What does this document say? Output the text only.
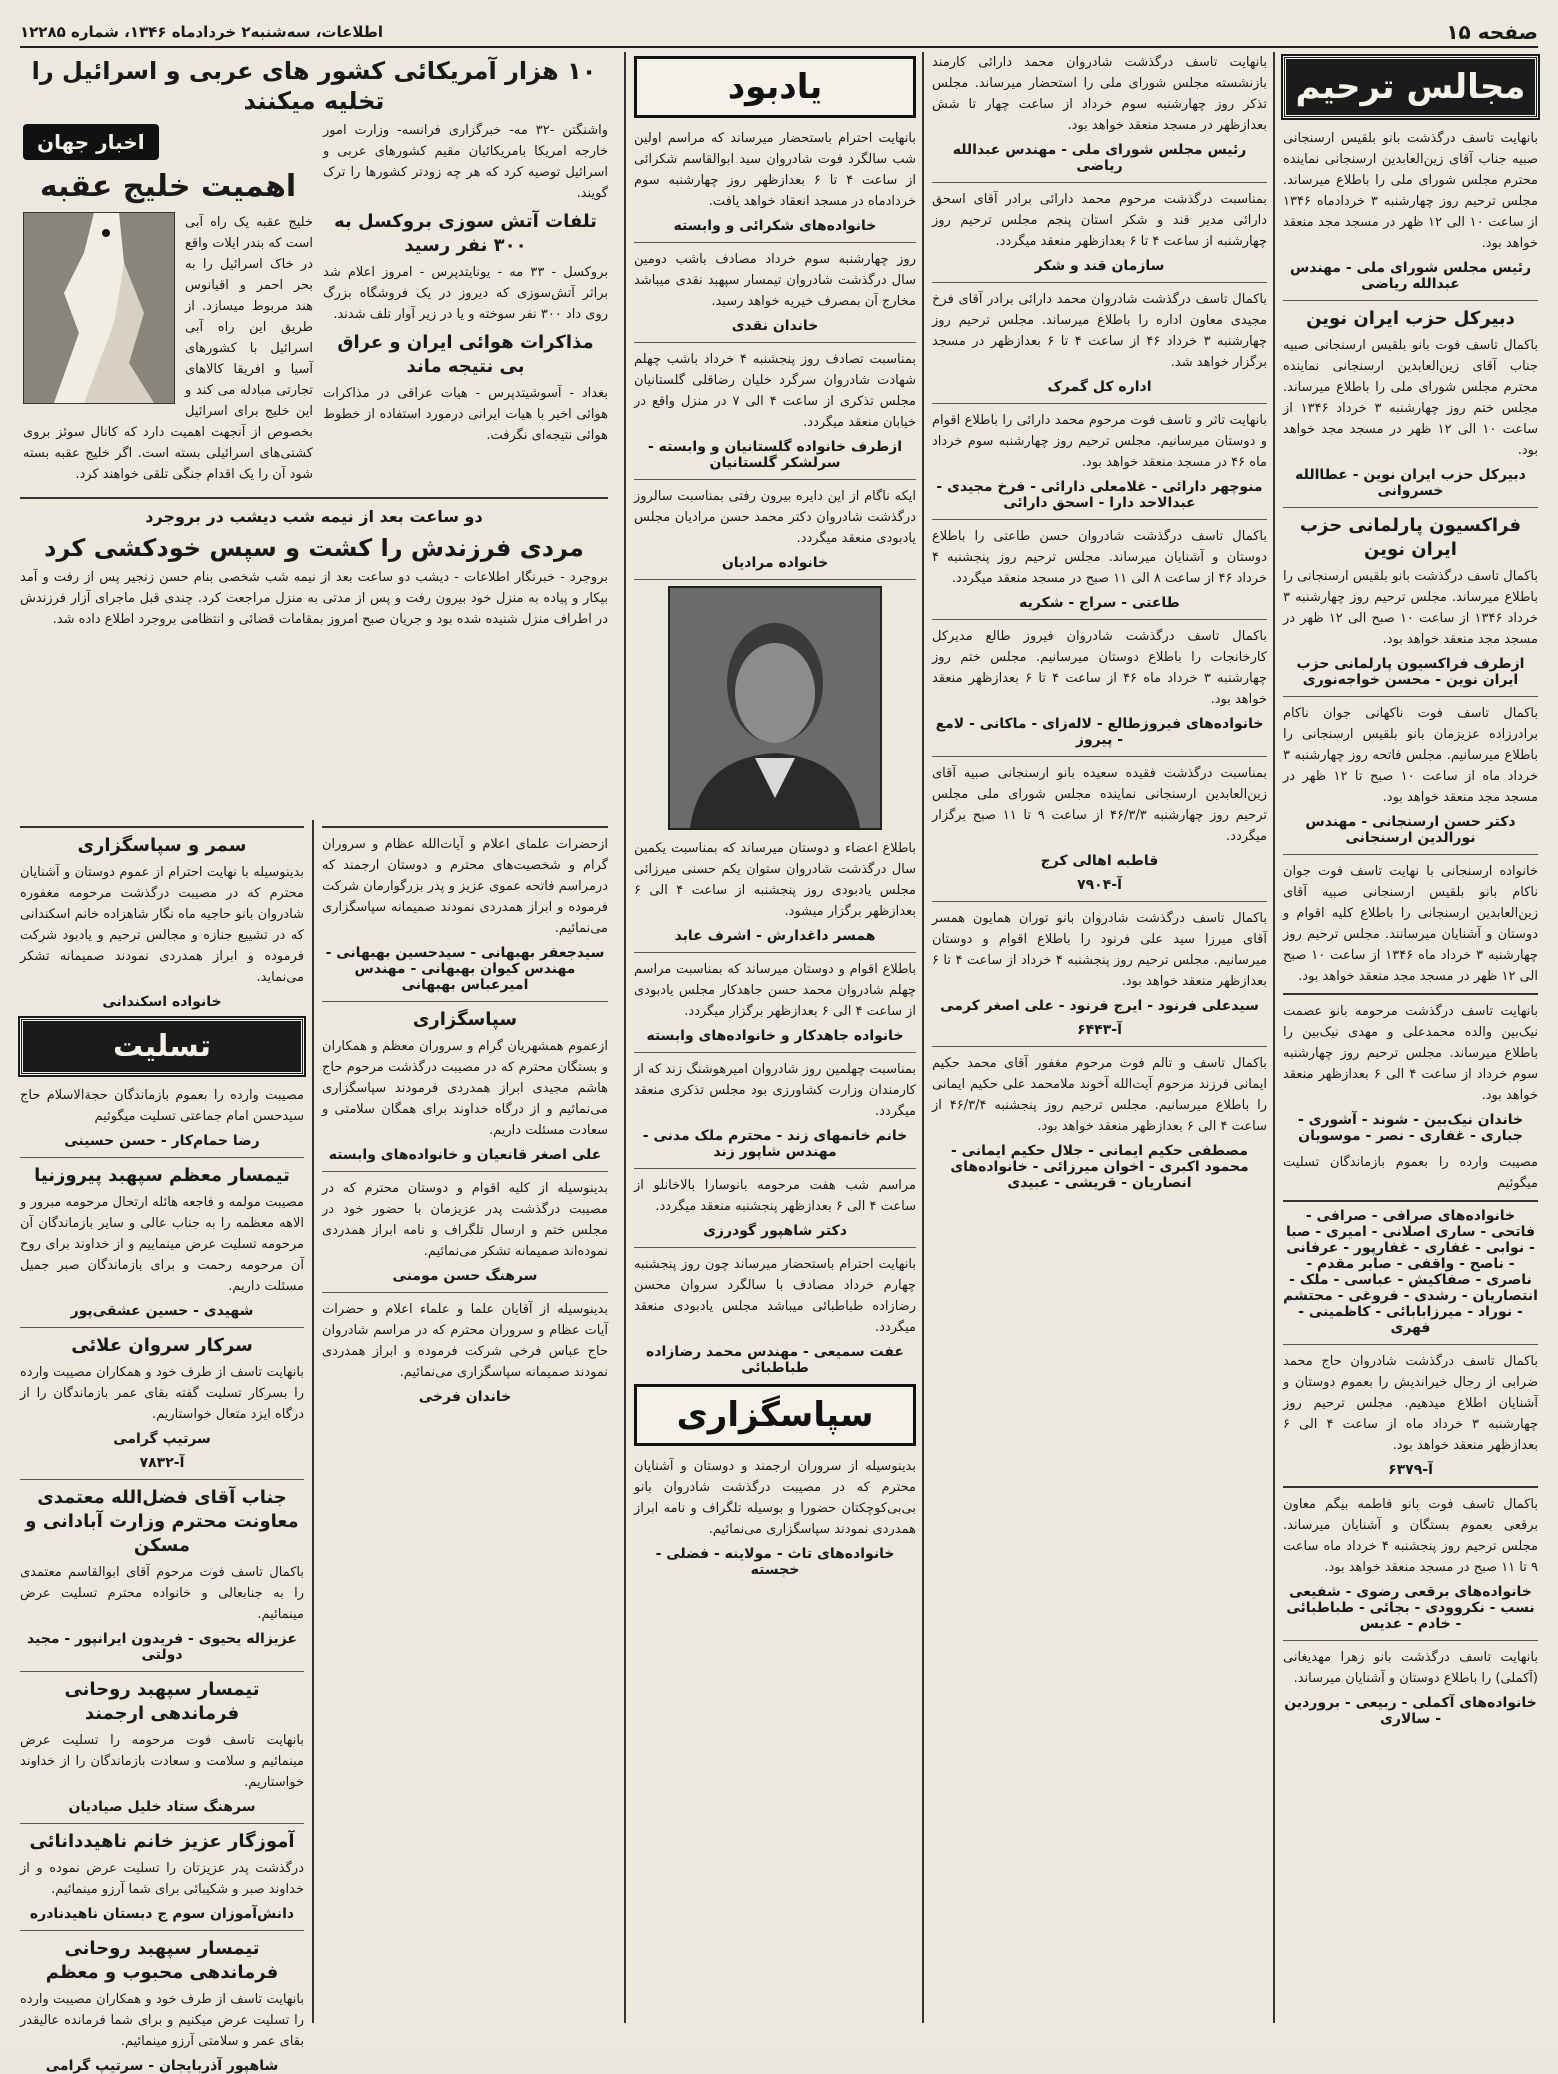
صفحه ۱۵
اطلاعات، سه‌شنبه۲ خردادماه ۱۳۴۶، شماره ۱۲۲۸۵
مجالس ترحیم

بانهایت تاسف درگذشت بانو بلقیس ارسنجانی صبیه جناب آقای زین‌العابدین ارسنجانی نماینده محترم مجلس شورای ملی را باطلاع میرساند. مجلس ترحیم روز چهارشنبه ۳ خردادماه ۱۳۴۶ از ساعت ۱۰ الی ۱۲ ظهر در مسجد مجد منعقد خواهد بود.

رئیس مجلس شورای ملی - مهندس عبدالله ریاضی
دبیرکل حزب ایران نوین

باکمال تاسف فوت بانو بلقیس ارسنجانی صبیه جناب آقای زین‌العابدین ارسنجانی نماینده محترم مجلس شورای ملی را باطلاع میرساند. مجلس ختم روز چهارشنبه ۳ خرداد ۱۳۴۶ از ساعت ۱۰ الی ۱۲ ظهر در مسجد مجد خواهد بود.

دبیرکل حزب ایران نوین - عطاالله خسروانی
فراکسیون پارلمانی حزب ایران نوین

باکمال تاسف درگذشت بانو بلقیس ارسنجانی را باطلاع میرساند. مجلس ترحیم روز چهارشنبه ۳ خرداد ۱۳۴۶ از ساعت ۱۰ صبح الی ۱۲ ظهر در مسجد مجد منعقد خواهد بود.

ازطرف فراکسیون پارلمانی حزب ایران نوین - محسن خواجه‌نوری

باکمال تاسف فوت ناکهانی جوان ناکام برادرزاده عزیزمان بانو بلقیس ارسنجانی را باطلاع میرسانیم. مجلس فاتحه روز چهارشنبه ۳ خرداد ماه از ساعت ۱۰ صبح تا ۱۲ ظهر در مسجد مجد منعقد خواهد بود.

دکتر حسن ارسنجانی - مهندس نورالدین ارسنجانی

خانواده ارسنجانی با نهایت تاسف فوت جوان ناکام بانو بلقیس ارسنجانی صبیه آقای زین‌العابدین ارسنجانی را باطلاع کلیه اقوام و دوستان و آشنایان میرسانند. مجلس ترحیم روز چهارشنبه ۳ خرداد ماه ۱۳۴۶ از ساعت ۱۰ صبح الی ۱۲ ظهر در مسجد مجد منعقد خواهد بود.

بانهایت تاسف درگذشت مرحومه بانو عصمت نیک‌بین والده محمدعلی و مهدی نیک‌بین را باطلاع میرساند. مجلس ترحیم روز چهارشنبه سوم خرداد از ساعت ۴ الی ۶ بعدازظهر منعقد خواهد بود.

خاندان نیک‌بین - شوند - آشوری - جباری - غفاری - نصر - موسویان

مصیبت وارده را بعموم بازماندگان تسلیت میگوئیم

خانواده‌های صرافی - صرافی - فاتحی - ساری اصلانی - امیری - صبا - نوابی - غفاری - غفارپور - عرفانی - ناصح - واقفی - صابر مقدم - ناصری - صفاکیش - عباسی - ملک - انتصاریان - رشدی - فروغی - محتشم - نوراد - میرزابابائی - کاظمینی - فهری

باکمال تاسف درگذشت شادروان حاج محمد ضرابی از رجال خیراندیش را بعموم دوستان و آشنایان اطلاع میدهیم. مجلس ترحیم روز چهارشنبه ۳ خرداد ماه از ساعت ۴ الی ۶ بعدازظهر منعقد خواهد بود.

آ-۶۳۷۹

باکمال تاسف فوت بانو فاطمه بیگم معاون برقعی بعموم بستگان و آشنایان میرساند. مجلس ترحیم روز پنجشنبه ۴ خرداد ماه ساعت ۹ تا ۱۱ صبح در مسجد منعقد خواهد بود.

خانواده‌های برقعی رضوی - شفیعی نسب - نکروودی - بجائی - طباطبائی - خادم - عدیس

بانهایت تاسف درگذشت بانو زهرا مهدیغانی (آکملی) را باطلاع دوستان و آشنایان میرساند.

خانواده‌های آکملی - ربیعی - بروردین - سالاری

بانهایت تاسف درگذشت شادروان محمد دارائی کارمند بازنشسته مجلس شورای ملی را استحضار میرساند. مجلس تذکر روز چهارشنبه سوم خرداد از ساعت چهار تا شش بعدازظهر در مسجد منعقد خواهد بود.

رئیس مجلس شورای ملی - مهندس عبدالله ریاضی

بمناسبت درگذشت مرحوم محمد دارائی برادر آقای اسحق دارائی مدیر قند و شکر استان پنجم مجلس ترحیم روز چهارشنبه از ساعت ۴ تا ۶ بعدازظهر منعقد میگردد.

سازمان قند و شکر

باکمال تاسف درگذشت شادروان محمد دارائی برادر آقای فرخ مجیدی معاون اداره را باطلاع میرساند. مجلس ترحیم روز چهارشنبه ۳ خرداد ۴۶ از ساعت ۴ تا ۶ بعدازظهر در مسجد برگزار خواهد شد.

اداره کل گمرک

بانهایت تاثر و تاسف فوت مرحوم محمد دارائی را باطلاع اقوام و دوستان میرسانیم. مجلس ترحیم روز چهارشنبه سوم خرداد ماه ۴۶ در مسجد منعقد خواهد بود.

منوچهر دارائی - غلامعلی دارائی - فرخ مجیدی - عبدالاحد دارا - اسحق دارائی

باکمال تاسف درگذشت شادروان حسن طاعتی را باطلاع دوستان و آشنایان میرساند. مجلس ترحیم روز پنجشنبه ۴ خرداد ۴۶ از ساعت ۸ الی ۱۱ صبح در مسجد منعقد میگردد.

طاعتی - سراج - شکریه

باکمال تاسف درگذشت شادروان فیروز طالع مدیرکل کارخانجات را باطلاع دوستان میرسانیم. مجلس ختم روز چهارشنبه ۳ خرداد ماه ۴۶ از ساعت ۴ تا ۶ بعدازظهر منعقد خواهد بود.

خانواده‌های فیروزطالع - لاله‌زای - ماکانی - لامع - پیروز

بمناسبت درگذشت فقیده سعیده بانو ارسنجانی صبیه آقای زین‌العابدین ارسنجانی نماینده مجلس شورای ملی مجلس ترحیم روز چهارشنبه ۴۶/۳/۳ از ساعت ۹ تا ۱۱ صبح برگزار میگردد.

قاطبه اهالی کرج
آ-۷۹۰۴

باکمال تاسف درگذشت شادروان بانو توران همایون همسر آقای میرزا سید علی فرنود را باطلاع اقوام و دوستان میرسانیم. مجلس ترحیم روز پنجشنبه ۴ خرداد از ساعت ۴ تا ۶ بعدازظهر منعقد خواهد بود.

سیدعلی فرنود - ایرج فرنود - علی اصغر کرمی
آ-۶۴۴۳

باکمال تاسف و تالم فوت مرحوم مغفور آقای محمد حکیم ایمانی فرزند مرحوم آیت‌الله آخوند ملامحمد علی حکیم ایمانی را باطلاع میرسانیم. مجلس ترحیم روز پنجشنبه ۴۶/۳/۴ از ساعت ۴ الی ۶ بعدازظهر منعقد خواهد بود.

مصطفی حکیم ایمانی - جلال حکیم ایمانی - محمود اکبری - اخوان میرزائی - خانواده‌های انصاریان - قریشی - عبیدی
یادبود

بانهایت احترام باستحضار میرساند که مراسم اولین شب سالگرد فوت شادروان سید ابوالقاسم شکرائی از ساعت ۴ تا ۶ بعدازظهر روز چهارشنبه سوم خردادماه در مسجد انعقاد خواهد یافت.

خانواده‌های شکرائی و وابسته

روز چهارشنبه سوم خرداد مصادف باشب دومین سال درگذشت شادروان تیمسار سپهبد نقدی میباشد مخارج آن بمصرف خیریه خواهد رسید.

خاندان نقدی

بمناسبت تصادف روز پنجشنبه ۴ خرداد باشب چهلم شهادت شادروان سرگرد خلیان رضاقلی گلستانیان مجلس تذکری از ساعت ۴ الی ۷ در منزل واقع در خیابان منعقد میگردد.

ازطرف خانواده گلستانیان و وابسته - سرلشکر گلستانیان

ایکه ناگام از این دایره بیرون رفتی بمناسبت سالروز درگذشت شادروان دکتر محمد حسن مرادیان مجلس یادبودی منعقد میگردد.

خانواده مرادیان

باطلاع اعضاء و دوستان میرساند که بمناسبت یکمین سال درگذشت شادروان ستوان یکم حسنی میرزائی مجلس یادبودی روز پنجشنبه از ساعت ۴ الی ۶ بعدازظهر برگزار میشود.

همسر داغدارش - اشرف عابد

باطلاع اقوام و دوستان میرساند که بمناسبت مراسم چهلم شادروان محمد حسن جاهدکار مجلس یادبودی از ساعت ۴ الی ۶ بعدازظهر برگزار میگردد.

خانواده جاهدکار و خانواده‌های وابسته

بمناسبت چهلمین روز شادروان امیرهوشنگ زند که از کارمندان وزارت کشاورزی بود مجلس تذکری منعقد میگردد.

خانم خانمهای زند - محترم ملک مدنی - مهندس شاپور زند

مراسم شب هفت مرحومه بانوسارا بالاخانلو از ساعت ۴ الی ۶ بعدازظهر پنجشنبه منعقد میگردد.

دکتر شاهپور گودرزی

بانهایت احترام باستحضار میرساند چون روز پنجشنبه چهارم خرداد مصادف با سالگرد سروان محسن رضازاده طباطبائی میباشد مجلس یادبودی منعقد میگردد.

عفت سمیعی - مهندس محمد رضازاده طباطبائی
سپاسگزاری

بدینوسیله از سروران ارجمند و دوستان و آشنایان محترم که در مصیبت درگذشت شادروان بانو بی‌بی‌کوچکتان حضورا و بوسیله تلگراف و نامه ابراز همدردی نمودند سپاسگزاری می‌نمائیم.

خانواده‌های تاث - مولاینه - فضلی - خجسته
۱۰ هزار آمریکائی کشور های عربی و اسرائیل را تخلیه میکنند

واشنگتن -۳۲ مه- خبرگزاری فرانسه- وزارت امور خارجه امریکا بامریکائیان مقیم کشورهای عربی و اسرائیل توصیه کرد که هر چه زودتر کشورها را ترک گویند.

تلفات آتش سوزی بروکسل به ۳۰۰ نفر رسید

بروکسل - ۳۳ مه - یونایتدپرس - امروز اعلام شد براثر آتش‌سوزی که دیروز در یک فروشگاه بزرگ روی داد ۳۰۰ نفر سوخته و یا در زیر آوار تلف شدند.

مذاکرات هوائی ایران و عراق بی نتیجه ماند

بغداد - آسوشیتدپرس - هیات عراقی در مذاکرات هوائی اخیر با هیات ایرانی درمورد استفاده از خطوط هوائی نتیجه‌ای نگرفت.

اخبار جهان
اهمیت خلیج عقبه

خلیج عقبه یک راه آبی است که بندر ایلات واقع در خاک اسرائیل را به بحر احمر و اقیانوس هند مربوط میسازد. از طریق این راه آبی اسرائیل با کشورهای آسیا و افریقا کالاهای تجارتی مبادله می کند و این خلیج برای اسرائیل بخصوص از آنجهت اهمیت دارد که کانال سوئز بروی کشتی‌های اسرائیلی بسته است. اگر خلیج عقبه بسته شود آن را یک اقدام جنگی تلقی خواهند کرد.

دو ساعت بعد از نیمه شب دیشب در بروجرد
مردی فرزندش را کشت و سپس خودکشی کرد

بروجرد - خبرنگار اطلاعات - دیشب دو ساعت بعد از نیمه شب شخصی بنام حسن زنجیر پس از رفت و آمد بیکار و پیاده به منزل خود بیرون رفت و پس از مدتی به منزل مراجعت کرد. چندی قبل ماجرای آزار فرزندش در اطراف منزل شنیده شده بود و جریان صبح امروز بمقامات قضائی و انتظامی بروجرد اطلاع داده شد.

ازحضرات علمای اعلام و آیات‌الله عظام و سروران گرام و شخصیت‌های محترم و دوستان ارجمند که درمراسم فاتحه عموی عزیز و پدر بزرگوارمان شرکت فرموده و ابراز همدردی نمودند صمیمانه سپاسگزاری می‌نمائیم.

سیدجعفر بهبهانی - سیدحسین بهبهانی - مهندس کیوان بهبهانی - مهندس امیرعباس بهبهانی
سپاسگزاری

ازعموم همشهریان گرام و سروران معظم و همکاران و بستگان محترم که در مصیبت درگذشت مرحوم حاج هاشم مجیدی ابراز همدردی فرمودند سپاسگزاری می‌نمائیم و از درگاه خداوند برای همگان سلامتی و سعادت مسئلت داریم.

علی اصغر قانعیان و خانواده‌های وابسته

بدینوسیله از کلیه اقوام و دوستان محترم که در مصیبت درگذشت پدر عزیزمان با حضور خود در مجلس ختم و ارسال تلگراف و نامه ابراز همدردی نموده‌اند صمیمانه تشکر می‌نمائیم.

سرهنگ حسن مومنی

بدینوسیله از آقایان علما و علماء اعلام و حضرات آیات عظام و سروران محترم که در مراسم شادروان حاج عباس فرخی شرکت فرموده و ابراز همدردی نمودند صمیمانه سپاسگزاری می‌نمائیم.

خاندان فرخی
سمر و سپاسگزاری

بدینوسیله با نهایت احترام از عموم دوستان و آشنایان محترم که در مصیبت درگذشت مرحومه مغفوره شادروان بانو حاجیه ماه نگار شاهزاده خانم اسکندانی که در تشییع جنازه و مجالس ترحیم و یادبود شرکت فرموده و ابراز همدردی نمودند صمیمانه تشکر می‌نماید.

خانواده اسکندانی
تسلیت

مصیبت وارده را بعموم بازماندگان حجة‌الاسلام حاج سیدحسن امام جماعتی تسلیت میگوئیم

رضا حمام‌کار - حسن حسینی
تیمسار معظم سپهبد پیروزنیا

مصیبت مولمه و فاجعه هائله ارتحال مرحومه مبرور و الاهه معظمه را به جناب عالی و سایر بازماندگان آن مرحومه تسلیت عرض مینماییم و از خداوند برای روح آن مرحومه رحمت و برای بازماندگان صبر جمیل مسئلت داریم.

شهیدی - حسین عشقی‌پور
سرکار سروان علائی

بانهایت تاسف از طرف خود و همکاران مصیبت وارده را بسرکار تسلیت گفته بقای عمر بازماندگان را از درگاه ایزد متعال خواستاریم.

سرتیپ گرامی
آ-۷۸۳۲
جناب آقای فضل‌الله معتمدی معاونت محترم وزارت آبادانی و مسکن

باکمال تاسف فوت مرحوم آقای ابوالقاسم معتمدی را به جنابعالی و خانواده محترم تسلیت عرض مینمائیم.

عزیزاله یحیوی - فریدون ایرانپور - مجید دولتی
تیمسار سپهبد روحانی فرماندهی ارجمند

بانهایت تاسف فوت مرحومه را تسلیت عرض مینمائیم و سلامت و سعادت بازماندگان را از خداوند خواستاریم.

سرهنگ ستاد خلیل صیادیان
آموزگار عزیز خانم ناهیددانائی

درگذشت پدر عزیزتان را تسلیت عرض نموده و از خداوند صبر و شکیبائی برای شما آرزو مینمائیم.

دانش‌آموزان سوم ج دبستان ناهیدنادره
تیمسار سپهبد روحانی فرماندهی محبوب و معظم

بانهایت تاسف از طرف خود و همکاران مصیبت وارده را تسلیت عرض میکنیم و برای شما فرمانده عالیقدر بقای عمر و سلامتی آرزو مینمائیم.

شاهپور آذربایجان - سرتیپ گرامی
